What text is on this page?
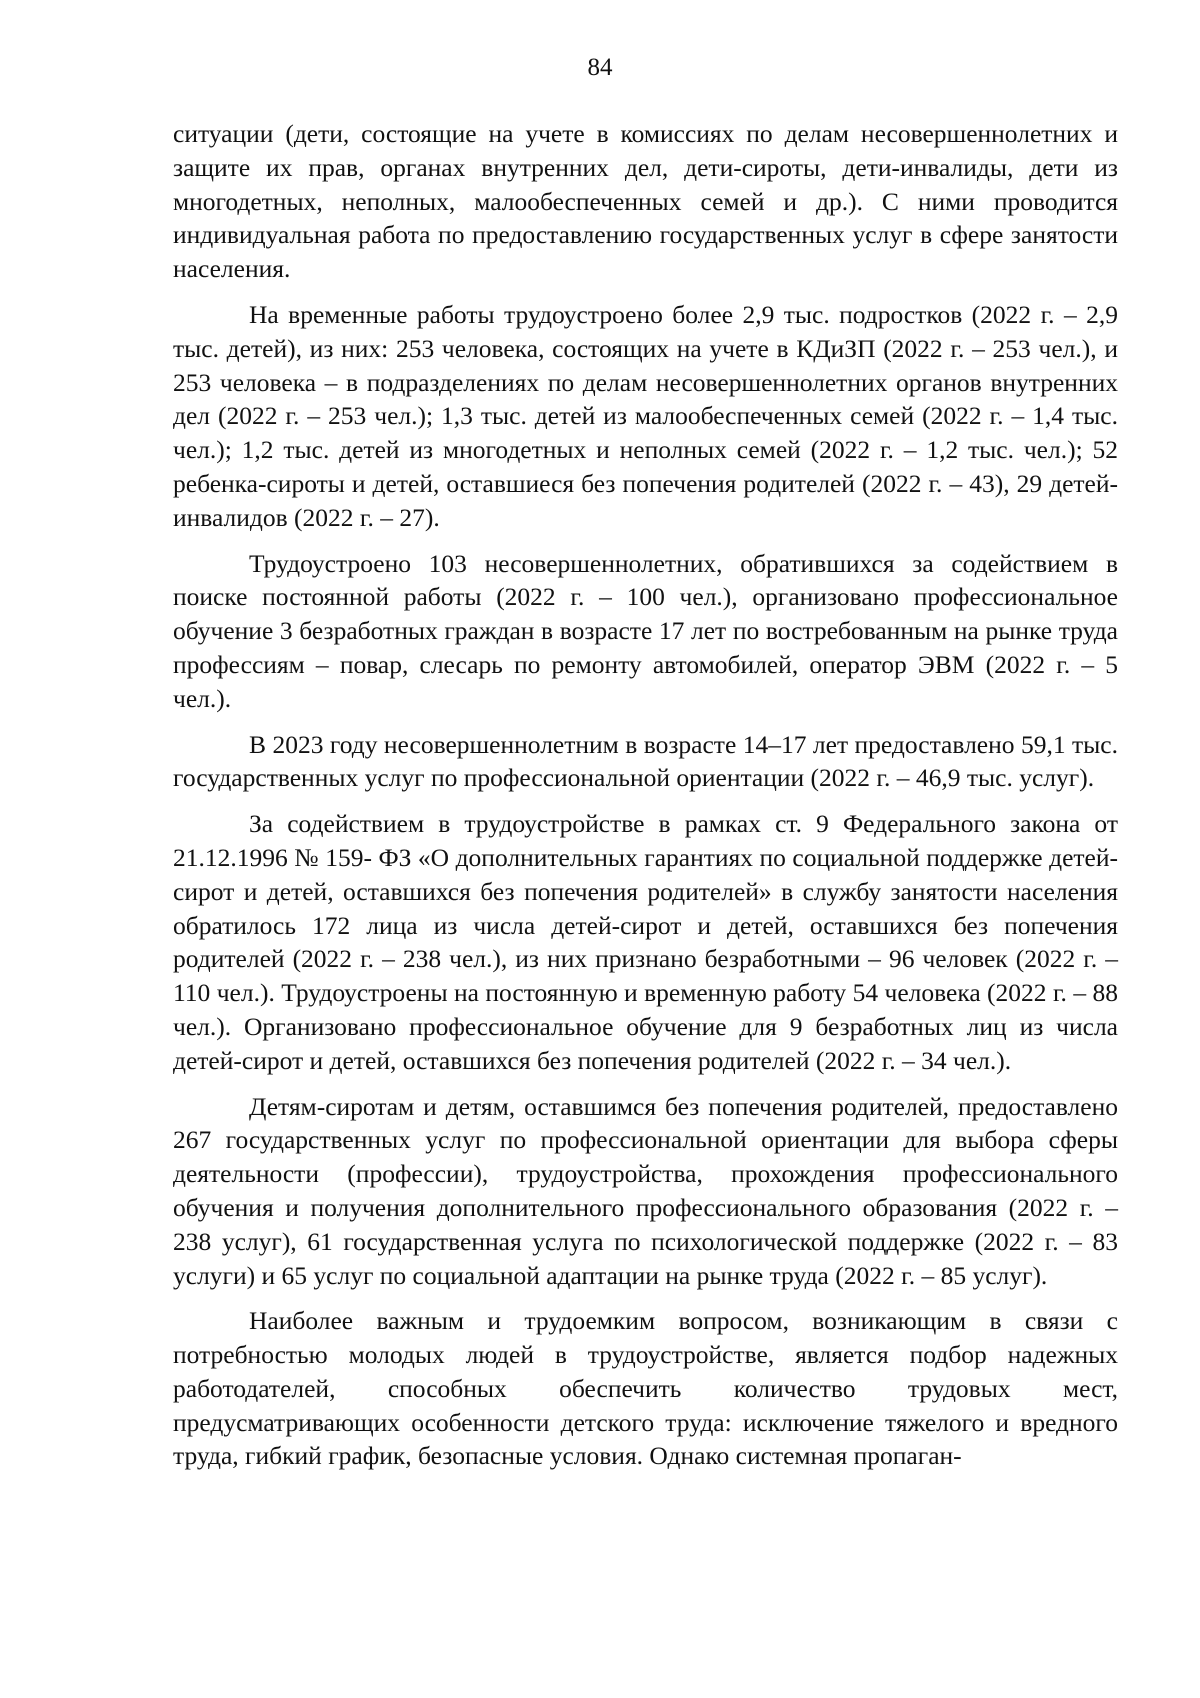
84

ситуации (дети, состоящие на учете в комиссиях по делам несовершеннолетних и защите их прав, органах внутренних дел, дети-сироты, дети-инвалиды, дети из многодетных, неполных, малообеспеченных семей и др.). С ними проводится индивидуальная работа по предоставлению государственных услуг в сфере занятости населения.

На временные работы трудоустроено более 2,9 тыс. подростков (2022 г. – 2,9 тыс. детей), из них: 253 человека, состоящих на учете в КДиЗП (2022 г. – 253 чел.), и 253 человека – в подразделениях по делам несовершеннолетних органов внутренних дел (2022 г. – 253 чел.); 1,3 тыс. детей из малообеспеченных семей (2022 г. – 1,4 тыс. чел.); 1,2 тыс. детей из многодетных и неполных семей (2022 г. – 1,2 тыс. чел.); 52 ребенка-сироты и детей, оставшиеся без попечения родителей (2022 г. – 43), 29 детей-инвалидов (2022 г. – 27).

Трудоустроено 103 несовершеннолетних, обратившихся за содействием в поиске постоянной работы (2022 г. – 100 чел.), организовано профессиональное обучение 3 безработных граждан в возрасте 17 лет по востребованным на рынке труда профессиям – повар, слесарь по ремонту автомобилей, оператор ЭВМ (2022 г. – 5 чел.).

В 2023 году несовершеннолетним в возрасте 14–17 лет предоставлено 59,1 тыс. государственных услуг по профессиональной ориентации (2022 г. – 46,9 тыс. услуг).

За содействием в трудоустройстве в рамках ст. 9 Федерального закона от 21.12.1996 № 159- ФЗ «О дополнительных гарантиях по социальной поддержке детей-сирот и детей, оставшихся без попечения родителей» в службу занятости населения обратилось 172 лица из числа детей-сирот и детей, оставшихся без попечения родителей (2022 г. – 238 чел.), из них признано безработными – 96 человек (2022 г. – 110 чел.). Трудоустроены на постоянную и временную работу 54 человека (2022 г. – 88 чел.). Организовано профессиональное обучение для 9 безработных лиц из числа детей-сирот и детей, оставшихся без попечения родителей (2022 г. – 34 чел.).

Детям-сиротам и детям, оставшимся без попечения родителей, предоставлено 267 государственных услуг по профессиональной ориентации для выбора сферы деятельности (профессии), трудоустройства, прохождения профессионального обучения и получения дополнительного профессионального образования (2022 г. – 238 услуг), 61 государственная услуга по психологической поддержке (2022 г. – 83 услуги) и 65 услуг по социальной адаптации на рынке труда (2022 г. – 85 услуг).

Наиболее важным и трудоемким вопросом, возникающим в связи с потребностью молодых людей в трудоустройстве, является подбор надежных работодателей, способных обеспечить количество трудовых мест, предусматривающих особенности детского труда: исключение тяжелого и вредного труда, гибкий график, безопасные условия. Однако системная пропаган-
